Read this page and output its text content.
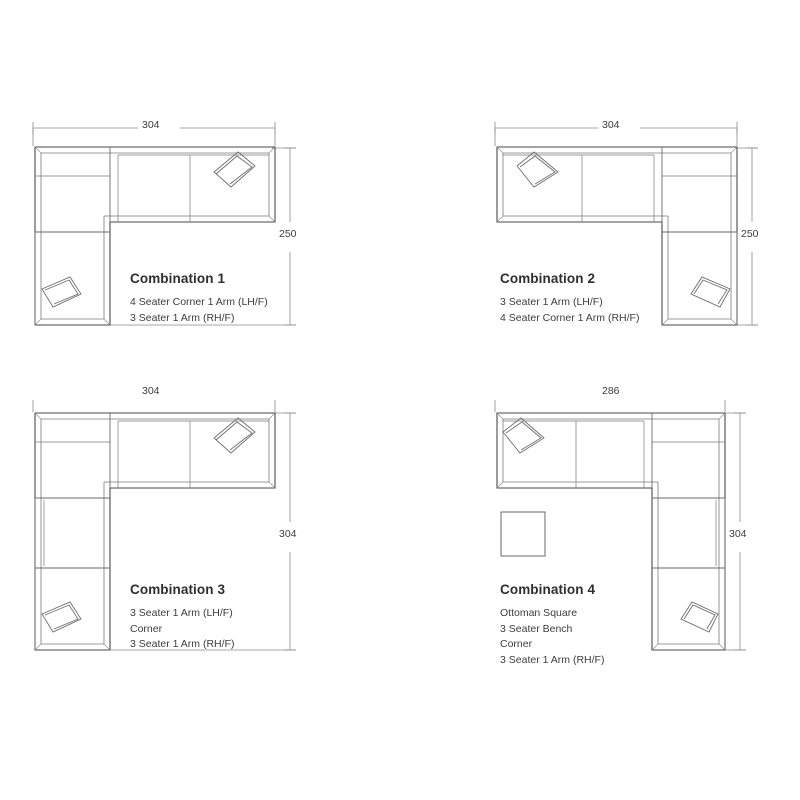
304
250
Combination 1
4 Seater Corner 1 Arm (LH/F)
3 Seater 1 Arm (RH/F)
304
250
Combination 2
3 Seater 1 Arm (LH/F)
4 Seater Corner 1 Arm (RH/F)
304
304
Combination 3
3 Seater 1 Arm (LH/F)
Corner
3 Seater 1 Arm (RH/F)
286
304
Combination 4
Ottoman Square
3 Seater Bench
Corner
3 Seater 1 Arm (RH/F)
